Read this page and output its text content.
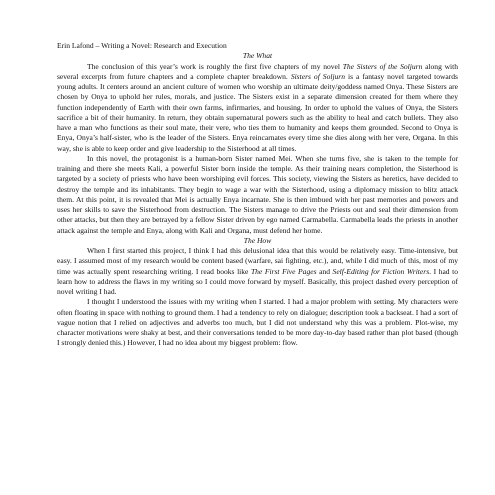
Erin Lafond – Writing a Novel: Research and Execution

The What

The conclusion of this year’s work is roughly the first five chapters of my novel The Sisters of the Soljurn along with several excerpts from future chapters and a complete chapter breakdown. Sisters of Soljurn is a fantasy novel targeted towards young adults. It centers around an ancient culture of women who worship an ultimate deity/goddess named Onya. These Sisters are chosen by Onya to uphold her rules, morals, and justice. The Sisters exist in a separate dimension created for them where they function independently of Earth with their own farms, infirmaries, and housing. In order to uphold the values of Onya, the Sisters sacrifice a bit of their humanity. In return, they obtain supernatural powers such as the ability to heal and catch bullets. They also have a man who functions as their soul mate, their vere, who ties them to humanity and keeps them grounded. Second to Onya is Enya, Onya’s half-sister, who is the leader of the Sisters. Enya reincarnates every time she dies along with her vere, Organa. In this way, she is able to keep order and give leadership to the Sisterhood at all times.

In this novel, the protagonist is a human-born Sister named Mei. When she turns five, she is taken to the temple for training and there she meets Kali, a powerful Sister born inside the temple. As their training nears completion, the Sisterhood is targeted by a society of priests who have been worshiping evil forces. This society, viewing the Sisters as heretics, have decided to destroy the temple and its inhabitants. They begin to wage a war with the Sisterhood, using a diplomacy mission to blitz attack them. At this point, it is revealed that Mei is actually Enya incarnate. She is then imbued with her past memories and powers and uses her skills to save the Sisterhood from destruction. The Sisters manage to drive the Priests out and seal their dimension from other attacks, but then they are betrayed by a fellow Sister driven by ego named Carmabella. Carmabella leads the priests in another attack against the temple and Enya, along with Kali and Organa, must defend her home.

The How

When I first started this project, I think I had this delusional idea that this would be relatively easy. Time-intensive, but easy. I assumed most of my research would be content based (warfare, sai fighting, etc.), and, while I did much of this, most of my time was actually spent researching writing. I read books like The First Five Pages and Self-Editing for Fiction Writers. I had to learn how to address the flaws in my writing so I could move forward by myself. Basically, this project dashed every perception of novel writing I had.

I thought I understood the issues with my writing when I started. I had a major problem with setting. My characters were often floating in space with nothing to ground them. I had a tendency to rely on dialogue; description took a backseat. I had a sort of vague notion that I relied on adjectives and adverbs too much, but I did not understand why this was a problem. Plot-wise, my character motivations were shaky at best, and their conversations tended to be more day-to-day based rather than plot based (though I strongly denied this.) However, I had no idea about my biggest problem: flow.
